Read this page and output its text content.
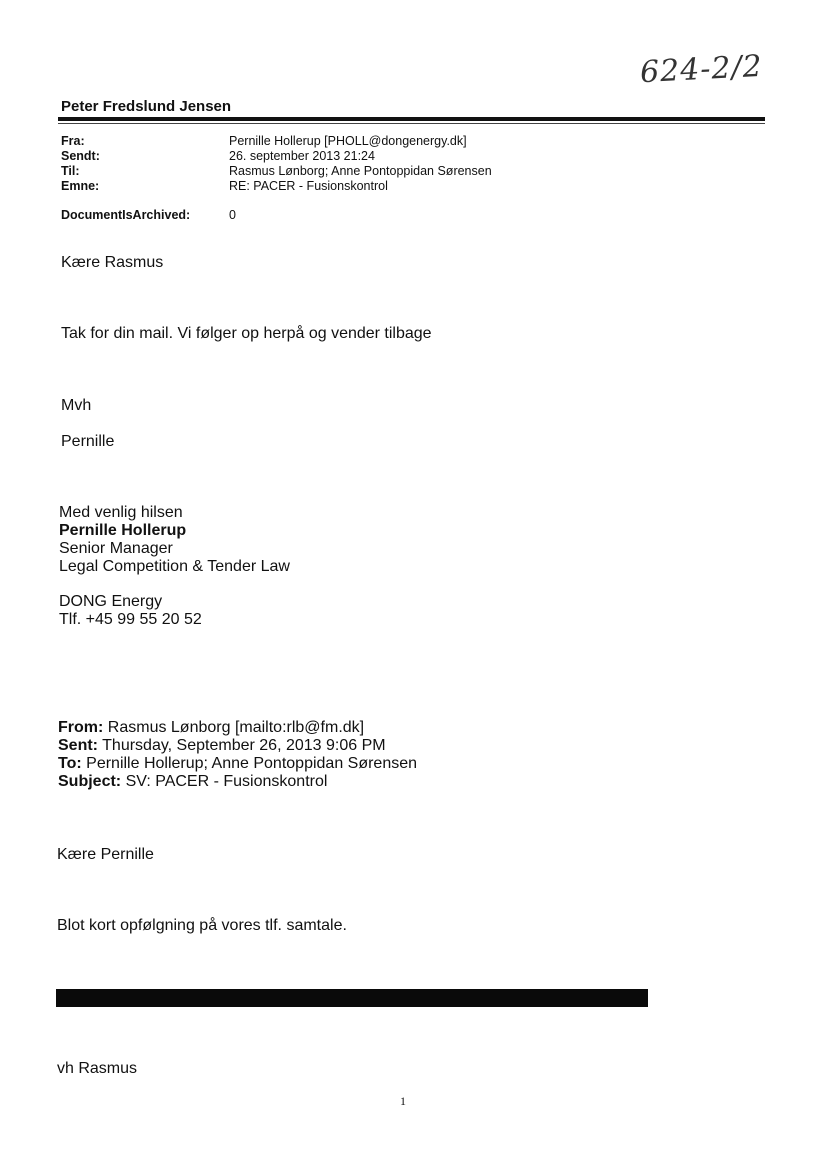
624-2/2
Peter Fredslund Jensen
Fra:	Pernille Hollerup [PHOLL@dongenergy.dk]
Sendt:	26. september 2013 21:24
Til:	Rasmus Lønborg; Anne Pontoppidan Sørensen
Emne:	RE: PACER - Fusionskontrol
DocumentIsArchived:	0
Kære Rasmus
Tak for din mail. Vi følger op herpå og vender tilbage
Mvh
Pernille
Med venlig hilsen
Pernille Hollerup
Senior Manager
Legal Competition & Tender Law
DONG Energy
Tlf. +45 99 55 20 52
From: Rasmus Lønborg [mailto:rlb@fm.dk]
Sent: Thursday, September 26, 2013 9:06 PM
To: Pernille Hollerup; Anne Pontoppidan Sørensen
Subject: SV: PACER - Fusionskontrol
Kære Pernille
Blot kort opfølgning på vores tlf. samtale.
vh Rasmus
1
